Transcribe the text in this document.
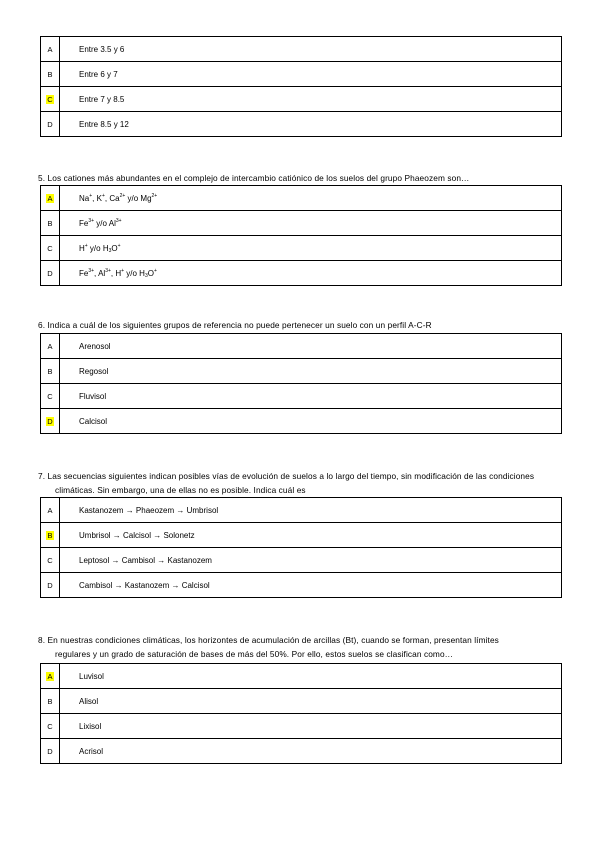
A	Entre 3.5 y 6
B	Entre 6 y 7
C	Entre 7 y 8.5
D	Entre 8.5 y 12
5. Los cationes más abundantes en el complejo de intercambio catiónico de los suelos del grupo Phaeozem son…
A	Na+, K+, $Ca^{2+}$ y/o $Mg^{2+}$
B	$Fe^{3+}$ y/o $Al^{3+}$
C	H+ y/o $H_3O^+$
D	$Fe^{3+}$, $Al^{3+}$, H+ y/o $H_3O^+$
6. Indica a cuál de los siguientes grupos de referencia no puede pertenecer un suelo con un perfil A-C-R
A	Arenosol
B	Regosol
C	Fluvisol
D	Calcisol
7. Las secuencias siguientes indican posibles vías de evolución de suelos a lo largo del tiempo, sin modificación de las condiciones
climáticas. Sin embargo, una de ellas no es posible. Indica cuál es
A	Kastanozem → Phaeozem → Umbrisol
B	Umbrisol → Calcisol → Solonetz
C	Leptosol → Cambisol → Kastanozem
D	Cambisol → Kastanozem → Calcisol
8. En nuestras condiciones climáticas, los horizontes de acumulación de arcillas (Bt), cuando se forman, presentan límites
regulares y un grado de saturación de bases de más del 50%. Por ello, estos suelos se clasifican como…
A	Luvisol
B	Alisol
C	Lixisol
D	Acrisol
